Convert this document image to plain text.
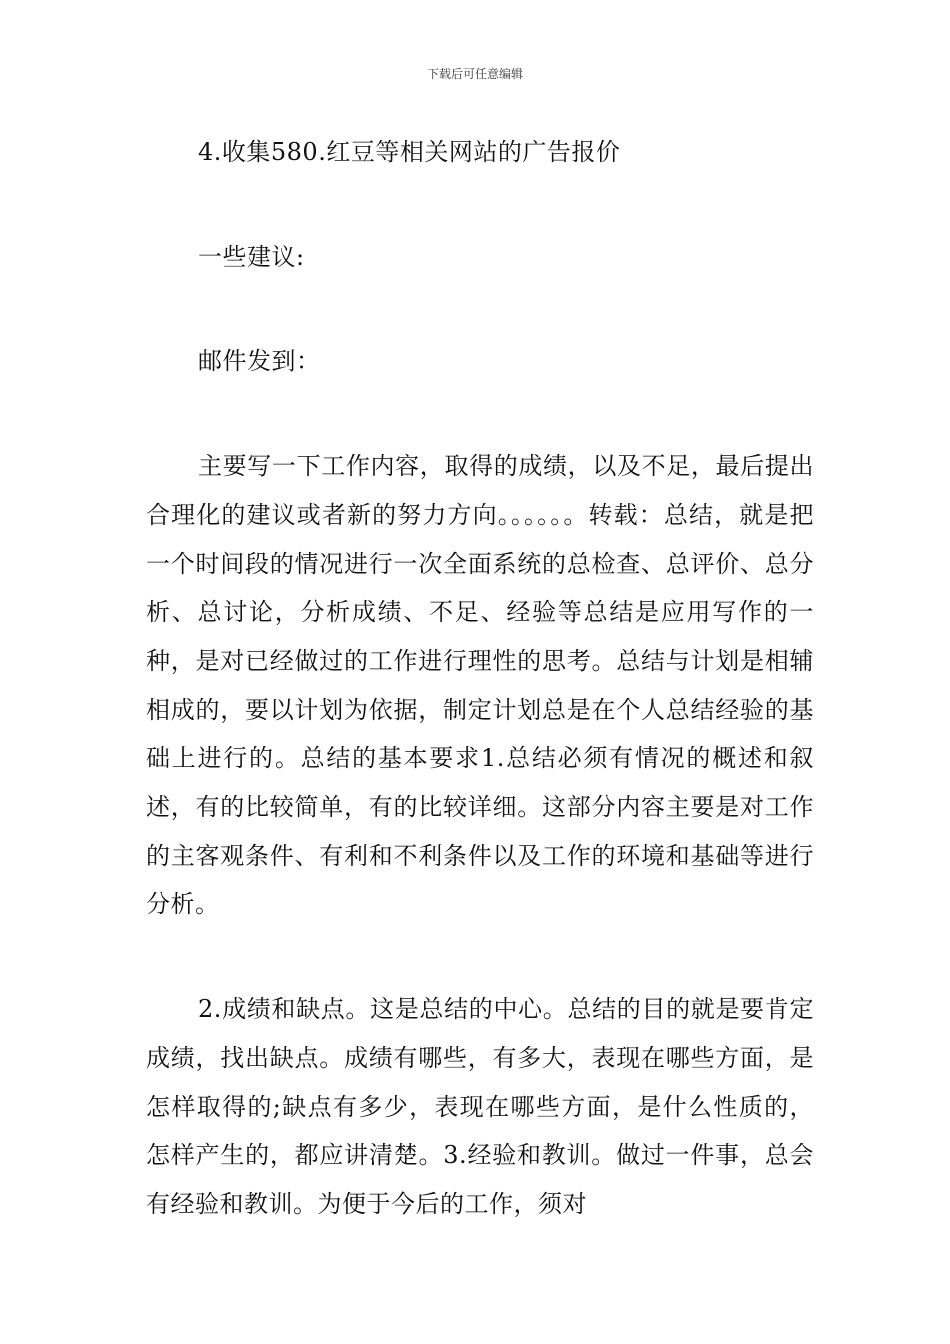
下载后可任意编辑

4.收集580.红豆等相关网站的广告报价

一些建议:

邮件发到：

主要写一下工作内容，取得的成绩，以及不足，最后提出合理化的建议或者新的努力方向。。。。。。转载：总结，就是把一个时间段的情况进行一次全面系统的总检查、总评价、总分析、总讨论，分析成绩、不足、经验等总结是应用写作的一种，是对已经做过的工作进行理性的思考。总结与计划是相辅相成的，要以计划为依据，制定计划总是在个人总结经验的基础上进行的。总结的基本要求1.总结必须有情况的概述和叙述，有的比较简单，有的比较详细。这部分内容主要是对工作的主客观条件、有利和不利条件以及工作的环境和基础等进行分析。

2.成绩和缺点。这是总结的中心。总结的目的就是要肯定成绩，找出缺点。成绩有哪些，有多大，表现在哪些方面，是怎样取得的;缺点有多少，表现在哪些方面，是什么性质的，怎样产生的，都应讲清楚。3.经验和教训。做过一件事，总会有经验和教训。为便于今后的工作，须对
